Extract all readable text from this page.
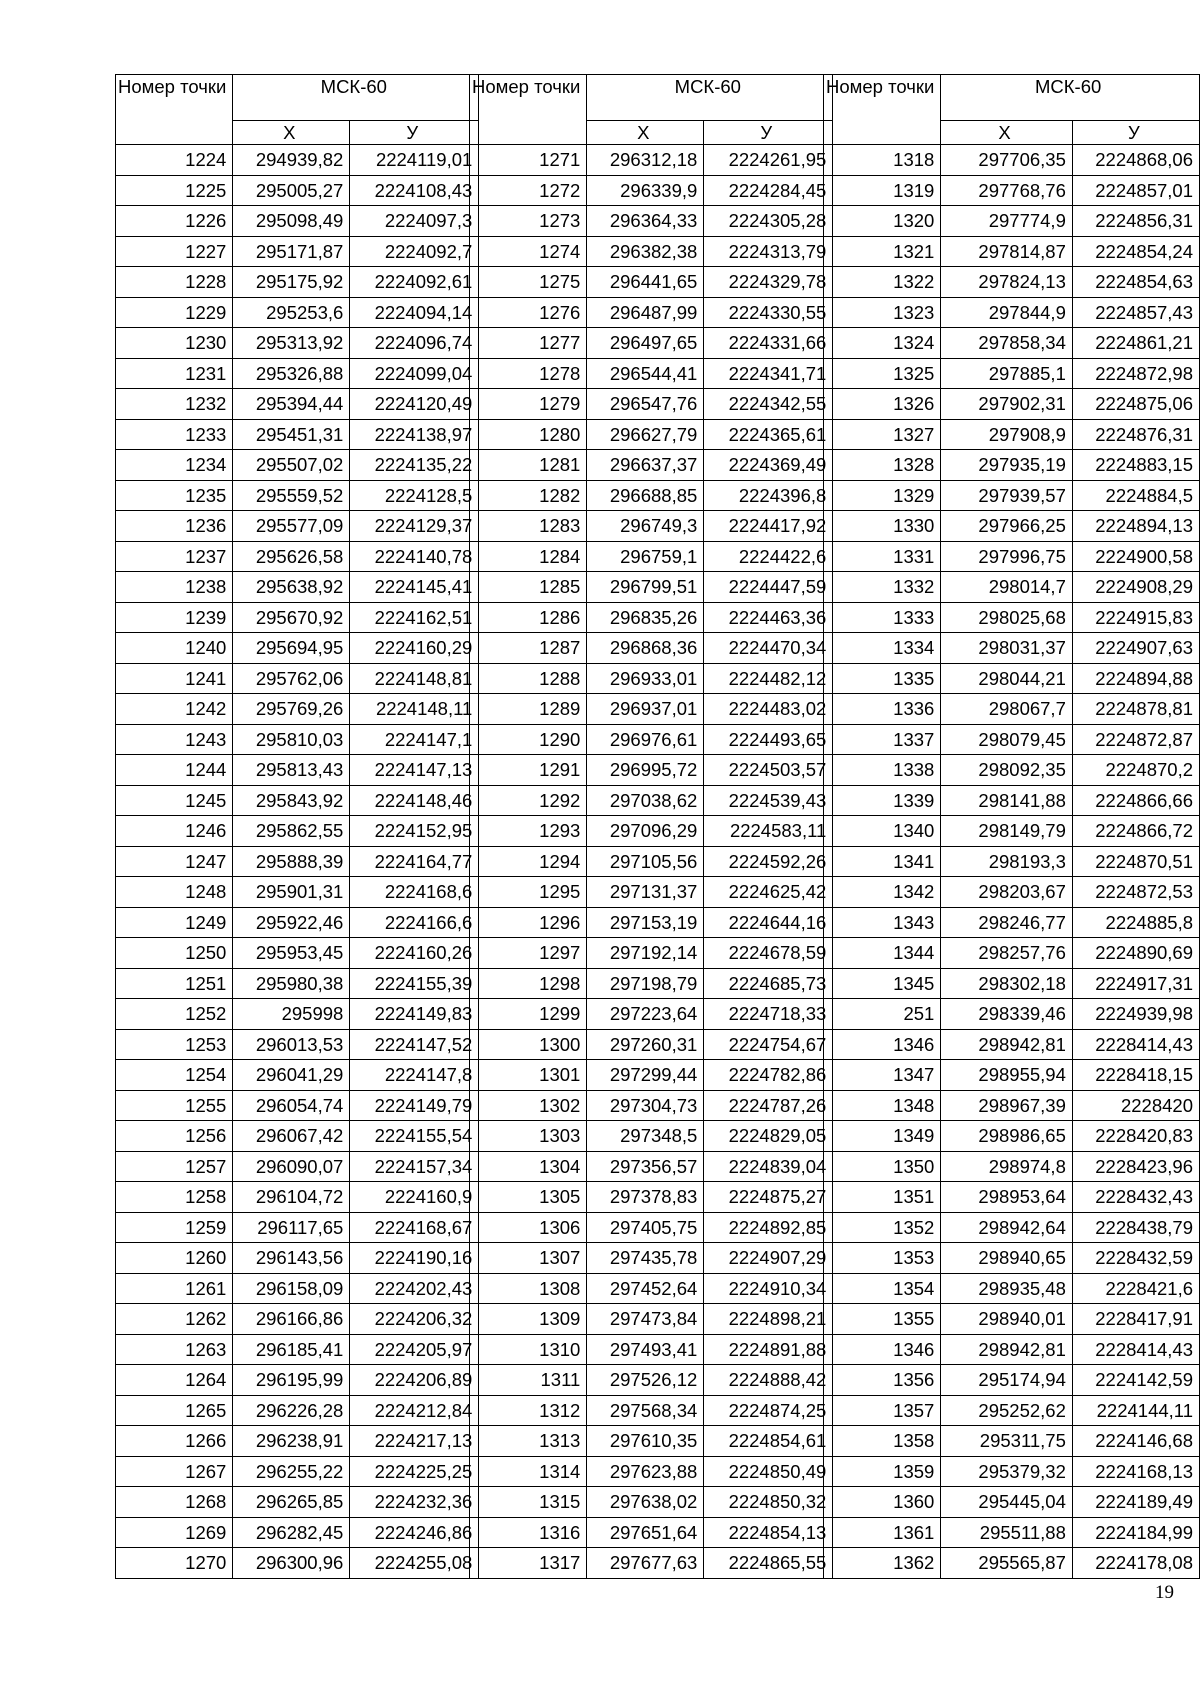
Номер точки	МСК-60	
	Х	У
1224	294939,82	2224119,01
1225	295005,27	2224108,43
1226	295098,49	2224097,3
1227	295171,87	2224092,7
1228	295175,92	2224092,61
1229	295253,6	2224094,14
1230	295313,92	2224096,74
1231	295326,88	2224099,04
1232	295394,44	2224120,49
1233	295451,31	2224138,97
1234	295507,02	2224135,22
1235	295559,52	2224128,5
1236	295577,09	2224129,37
1237	295626,58	2224140,78
1238	295638,92	2224145,41
1239	295670,92	2224162,51
1240	295694,95	2224160,29
1241	295762,06	2224148,81
1242	295769,26	2224148,11
1243	295810,03	2224147,1
1244	295813,43	2224147,13
1245	295843,92	2224148,46
1246	295862,55	2224152,95
1247	295888,39	2224164,77
1248	295901,31	2224168,6
1249	295922,46	2224166,6
1250	295953,45	2224160,26
1251	295980,38	2224155,39
1252	295998	2224149,83
1253	296013,53	2224147,52
1254	296041,29	2224147,8
1255	296054,74	2224149,79
1256	296067,42	2224155,54
1257	296090,07	2224157,34
1258	296104,72	2224160,9
1259	296117,65	2224168,67
1260	296143,56	2224190,16
1261	296158,09	2224202,43
1262	296166,86	2224206,32
1263	296185,41	2224205,97
1264	296195,99	2224206,89
1265	296226,28	2224212,84
1266	296238,91	2224217,13
1267	296255,22	2224225,25
1268	296265,85	2224232,36
1269	296282,45	2224246,86
1270	296300,96	2224255,08
Номер точки	МСК-60	
	Х	У
1271	296312,18	2224261,95
1272	296339,9	2224284,45
1273	296364,33	2224305,28
1274	296382,38	2224313,79
1275	296441,65	2224329,78
1276	296487,99	2224330,55
1277	296497,65	2224331,66
1278	296544,41	2224341,71
1279	296547,76	2224342,55
1280	296627,79	2224365,61
1281	296637,37	2224369,49
1282	296688,85	2224396,8
1283	296749,3	2224417,92
1284	296759,1	2224422,6
1285	296799,51	2224447,59
1286	296835,26	2224463,36
1287	296868,36	2224470,34
1288	296933,01	2224482,12
1289	296937,01	2224483,02
1290	296976,61	2224493,65
1291	296995,72	2224503,57
1292	297038,62	2224539,43
1293	297096,29	2224583,11
1294	297105,56	2224592,26
1295	297131,37	2224625,42
1296	297153,19	2224644,16
1297	297192,14	2224678,59
1298	297198,79	2224685,73
1299	297223,64	2224718,33
1300	297260,31	2224754,67
1301	297299,44	2224782,86
1302	297304,73	2224787,26
1303	297348,5	2224829,05
1304	297356,57	2224839,04
1305	297378,83	2224875,27
1306	297405,75	2224892,85
1307	297435,78	2224907,29
1308	297452,64	2224910,34
1309	297473,84	2224898,21
1310	297493,41	2224891,88
1311	297526,12	2224888,42
1312	297568,34	2224874,25
1313	297610,35	2224854,61
1314	297623,88	2224850,49
1315	297638,02	2224850,32
1316	297651,64	2224854,13
1317	297677,63	2224865,55
Номер точки	МСК-60	
	Х	У
1318	297706,35	2224868,06
1319	297768,76	2224857,01
1320	297774,9	2224856,31
1321	297814,87	2224854,24
1322	297824,13	2224854,63
1323	297844,9	2224857,43
1324	297858,34	2224861,21
1325	297885,1	2224872,98
1326	297902,31	2224875,06
1327	297908,9	2224876,31
1328	297935,19	2224883,15
1329	297939,57	2224884,5
1330	297966,25	2224894,13
1331	297996,75	2224900,58
1332	298014,7	2224908,29
1333	298025,68	2224915,83
1334	298031,37	2224907,63
1335	298044,21	2224894,88
1336	298067,7	2224878,81
1337	298079,45	2224872,87
1338	298092,35	2224870,2
1339	298141,88	2224866,66
1340	298149,79	2224866,72
1341	298193,3	2224870,51
1342	298203,67	2224872,53
1343	298246,77	2224885,8
1344	298257,76	2224890,69
1345	298302,18	2224917,31
251	298339,46	2224939,98
1346	298942,81	2228414,43
1347	298955,94	2228418,15
1348	298967,39	2228420
1349	298986,65	2228420,83
1350	298974,8	2228423,96
1351	298953,64	2228432,43
1352	298942,64	2228438,79
1353	298940,65	2228432,59
1354	298935,48	2228421,6
1355	298940,01	2228417,91
1346	298942,81	2228414,43
1356	295174,94	2224142,59
1357	295252,62	2224144,11
1358	295311,75	2224146,68
1359	295379,32	2224168,13
1360	295445,04	2224189,49
1361	295511,88	2224184,99
1362	295565,87	2224178,08
19
